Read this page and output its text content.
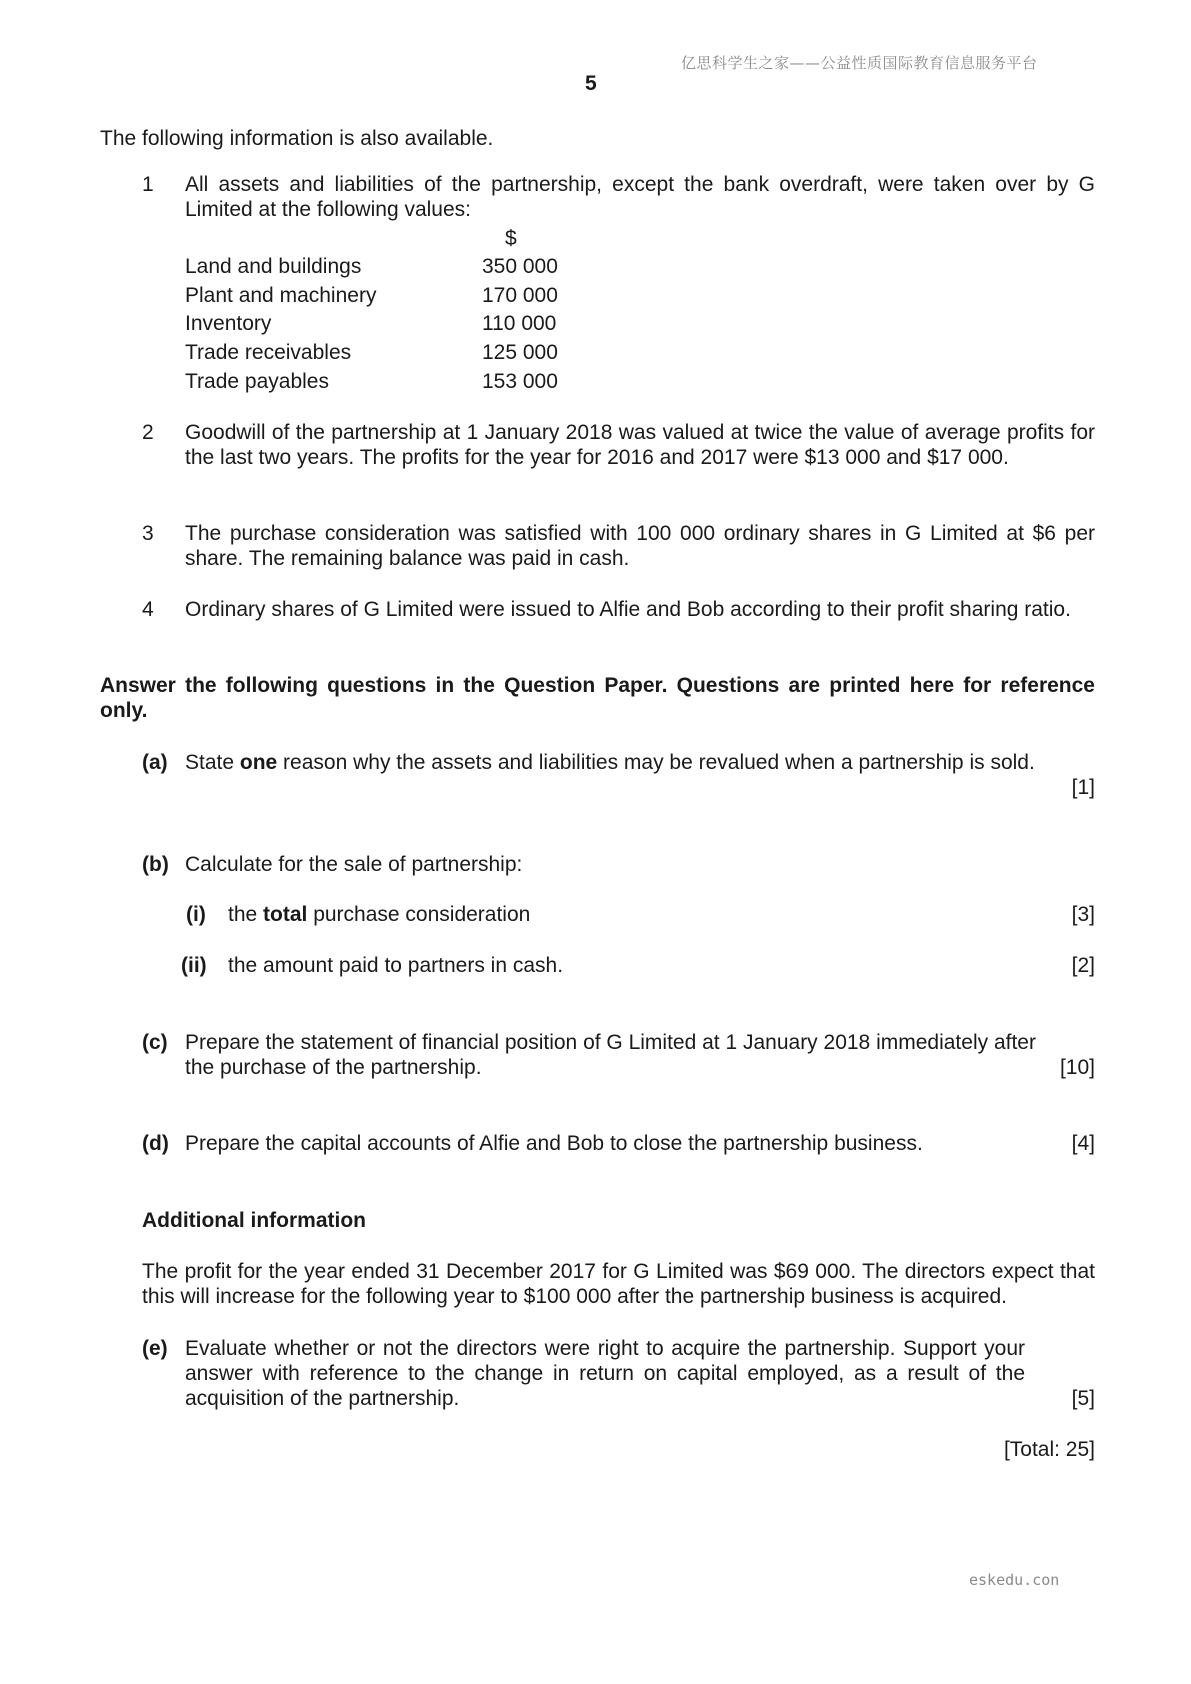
亿思科学生之家——公益性质国际教育信息服务平台
5
The following information is also available.
1 All assets and liabilities of the partnership, except the bank overdraft, were taken over by G Limited at the following values:
$
Land and buildings	350 000
Plant and machinery	170 000
Inventory	110 000
Trade receivables	125 000
Trade payables	153 000
2 Goodwill of the partnership at 1 January 2018 was valued at twice the value of average profits for the last two years. The profits for the year for 2016 and 2017 were $13 000 and $17 000.
3 The purchase consideration was satisfied with 100 000 ordinary shares in G Limited at $6 per share. The remaining balance was paid in cash.
4 Ordinary shares of G Limited were issued to Alfie and Bob according to their profit sharing ratio.
Answer the following questions in the Question Paper. Questions are printed here for reference only.
(a) State one reason why the assets and liabilities may be revalued when a partnership is sold.
[1]
(b) Calculate for the sale of partnership:
(i) the total purchase consideration	[3]
(ii) the amount paid to partners in cash.	[2]
(c) Prepare the statement of financial position of G Limited at 1 January 2018 immediately after
the purchase of the partnership.	[10]
(d) Prepare the capital accounts of Alfie and Bob to close the partnership business.	[4]
Additional information
The profit for the year ended 31 December 2017 for G Limited was $69 000. The directors expect that this will increase for the following year to $100 000 after the partnership business is acquired.
(e) Evaluate whether or not the directors were right to acquire the partnership. Support your answer with reference to the change in return on capital employed, as a result of the acquisition of the partnership.	[5]
[Total: 25]
eskedu.con
